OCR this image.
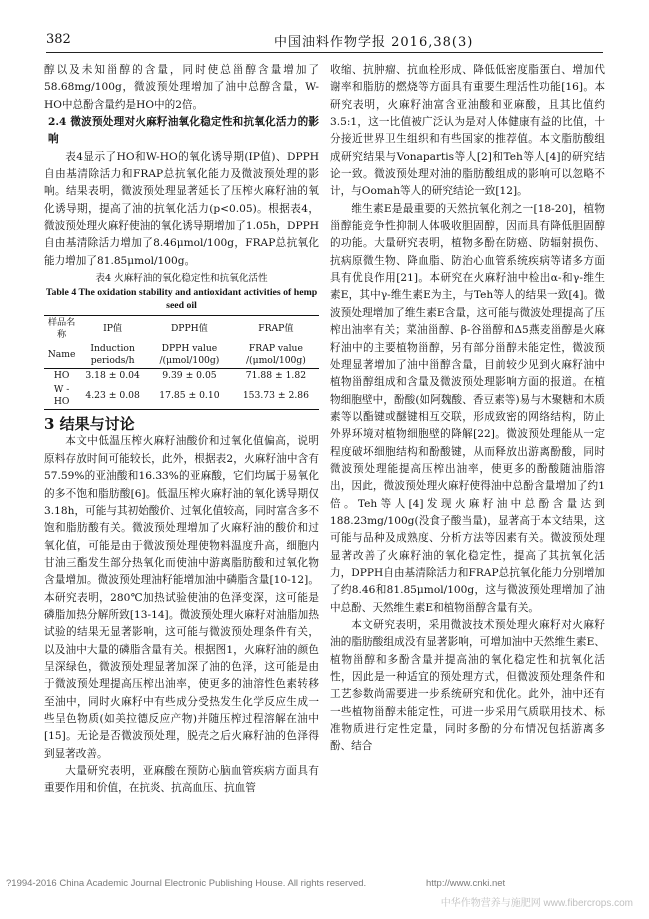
382	中国油料作物学报 2016,38(3)

醇以及未知甾醇的含量，同时使总甾醇含量增加了58.68mg/100g，微波预处理增加了油中总醇含量，W-HO中总酚含量约是HO中的2倍。

2.4 微波预处理对火麻籽油氧化稳定性和抗氧化活力的影响

表4显示了HO和W-HO的氧化诱导期(IP值)、DPPH自由基清除活力和FRAP总抗氧化能力及微波预处理的影响。结果表明，微波预处理显著延长了压榨火麻籽油的氧化诱导期，提高了油的抗氧化活力(p<0.05)。根据表4，微波预处理火麻籽使油的氧化诱导期增加了1.05h，DPPH自由基清除活力增加了8.46μmol/100g，FRAP总抗氧化能力增加了81.85μmol/100g。

表4 火麻籽油的氧化稳定性和抗氧化活性
Table 4 The oxidation stability and antioxidant activities of hemp seed oil
样品名称	IP值	DPPH值	FRAP值
Name	Induction periods/h	DPPH value /(μmol/100g)	FRAP value /(μmol/100g)
HO	3.18 ± 0.04	9.39 ± 0.05	71.88 ± 1.82
W - HO	4.23 ± 0.08	17.85 ± 0.10	153.73 ± 2.86

3 结果与讨论

本文中低温压榨火麻籽油酸价和过氧化值偏高，说明原料存放时间可能较长，此外，根据表2，火麻籽油中含有57.59%的亚油酸和16.33%的亚麻酸，它们均属于易氧化的多不饱和脂肪酸[6]。低温压榨火麻籽油的氧化诱导期仅3.18h，可能与其初始酸价、过氧化值较高，同时富含多不饱和脂肪酸有关。微波预处理增加了火麻籽油的酸价和过氧化值，可能是由于微波预处理使物料温度升高，细胞内甘油三酯发生部分热氧化而使油中游离脂肪酸和过氧化物含量增加。微波预处理油籽能增加油中磷脂含量[10-12]。本研究表明，280℃加热试验使油的色泽变深，这可能是磷脂加热分解所致[13-14]。微波预处理火麻籽对油脂加热试验的结果无显著影响，这可能与微波预处理条件有关，以及油中大量的磷脂含量有关。根据图1，火麻籽油的颜色呈深绿色，微波预处理显著加深了油的色泽，这可能是由于微波预处理提高压榨出油率，使更多的油溶性色素转移至油中，同时火麻籽中有些成分受热发生化学反应生成一些呈色物质(如美拉德反应产物)并随压榨过程溶解在油中[15]。无论是否微波预处理，脱壳之后火麻籽油的色泽得到显著改善。

大量研究表明，亚麻酸在预防心脑血管疾病方面具有重要作用和价值，在抗炎、抗高血压、抗血管

收缩、抗肿瘤、抗血栓形成、降低低密度脂蛋白、增加代谢率和脂肪的燃烧等方面具有重要生理活性功能[16]。本研究表明，火麻籽油富含亚油酸和亚麻酸，且其比值约3.5:1，这一比值被广泛认为是对人体健康有益的比值，十分接近世界卫生组织和有些国家的推荐值。本文脂肪酸组成研究结果与Vonapartis等人[2]和Teh等人[4]的研究结论一致。微波预处理对油的脂肪酸组成的影响可以忽略不计，与Oomah等人的研究结论一致[12]。

维生素E是最重要的天然抗氧化剂之一[18-20]，植物甾醇能竞争性抑制人体吸收胆固醇，因而具有降低胆固醇的功能。大量研究表明，植物多酚在防癌、防辐射损伤、抗病原微生物、降血脂、防治心血管系统疾病等诸多方面具有优良作用[21]。本研究在火麻籽油中检出α-和γ-维生素E，其中γ-维生素E为主，与Teh等人的结果一致[4]。微波预处理增加了维生素E含量，这可能与微波处理提高了压榨出油率有关；菜油甾醇、β-谷甾醇和Δ5燕麦甾醇是火麻籽油中的主要植物甾醇，另有部分甾醇未能定性，微波预处理显著增加了油中甾醇含量，目前较少见到火麻籽油中植物甾醇组成和含量及微波预处理影响方面的报道。在植物细胞壁中，酚酸(如阿魏酸、香豆素等)易与木聚糖和木质素等以酯键或醚键相互交联，形成致密的网络结构，防止外界环境对植物细胞壁的降解[22]。微波预处理能从一定程度破坏细胞结构和酚酸键，从而释放出游离酚酸，同时微波预处理能提高压榨出油率，使更多的酚酸随油脂溶出，因此，微波预处理火麻籽使得油中总酚含量增加了约1倍。Teh等人[4]发现火麻籽油中总酚含量达到188.23mg/100g(没食子酸当量)，显著高于本文结果，这可能与品种及成熟度、分析方法等因素有关。微波预处理显著改善了火麻籽油的氧化稳定性，提高了其抗氧化活力，DPPH自由基清除活力和FRAP总抗氧化能力分别增加了约8.46和81.85μmol/100g，这与微波预处理增加了油中总酚、天然维生素E和植物甾醇含量有关。

本文研究表明，采用微波技术预处理火麻籽对火麻籽油的脂肪酸组成没有显著影响，可增加油中天然维生素E、植物甾醇和多酚含量并提高油的氧化稳定性和抗氧化活性，因此是一种适宜的预处理方式，但微波预处理条件和工艺参数尚需要进一步系统研究和优化。此外，油中还有一些植物甾醇未能定性，可进一步采用气质联用技术、标准物质进行定性定量，同时多酚的分布情况包括游离多酚、结合

?1994-2016 China Academic Journal Electronic Publishing House. All rights reserved.	http://www.cnki.net
中华作物营养与施肥网 www.fibercrops.com
